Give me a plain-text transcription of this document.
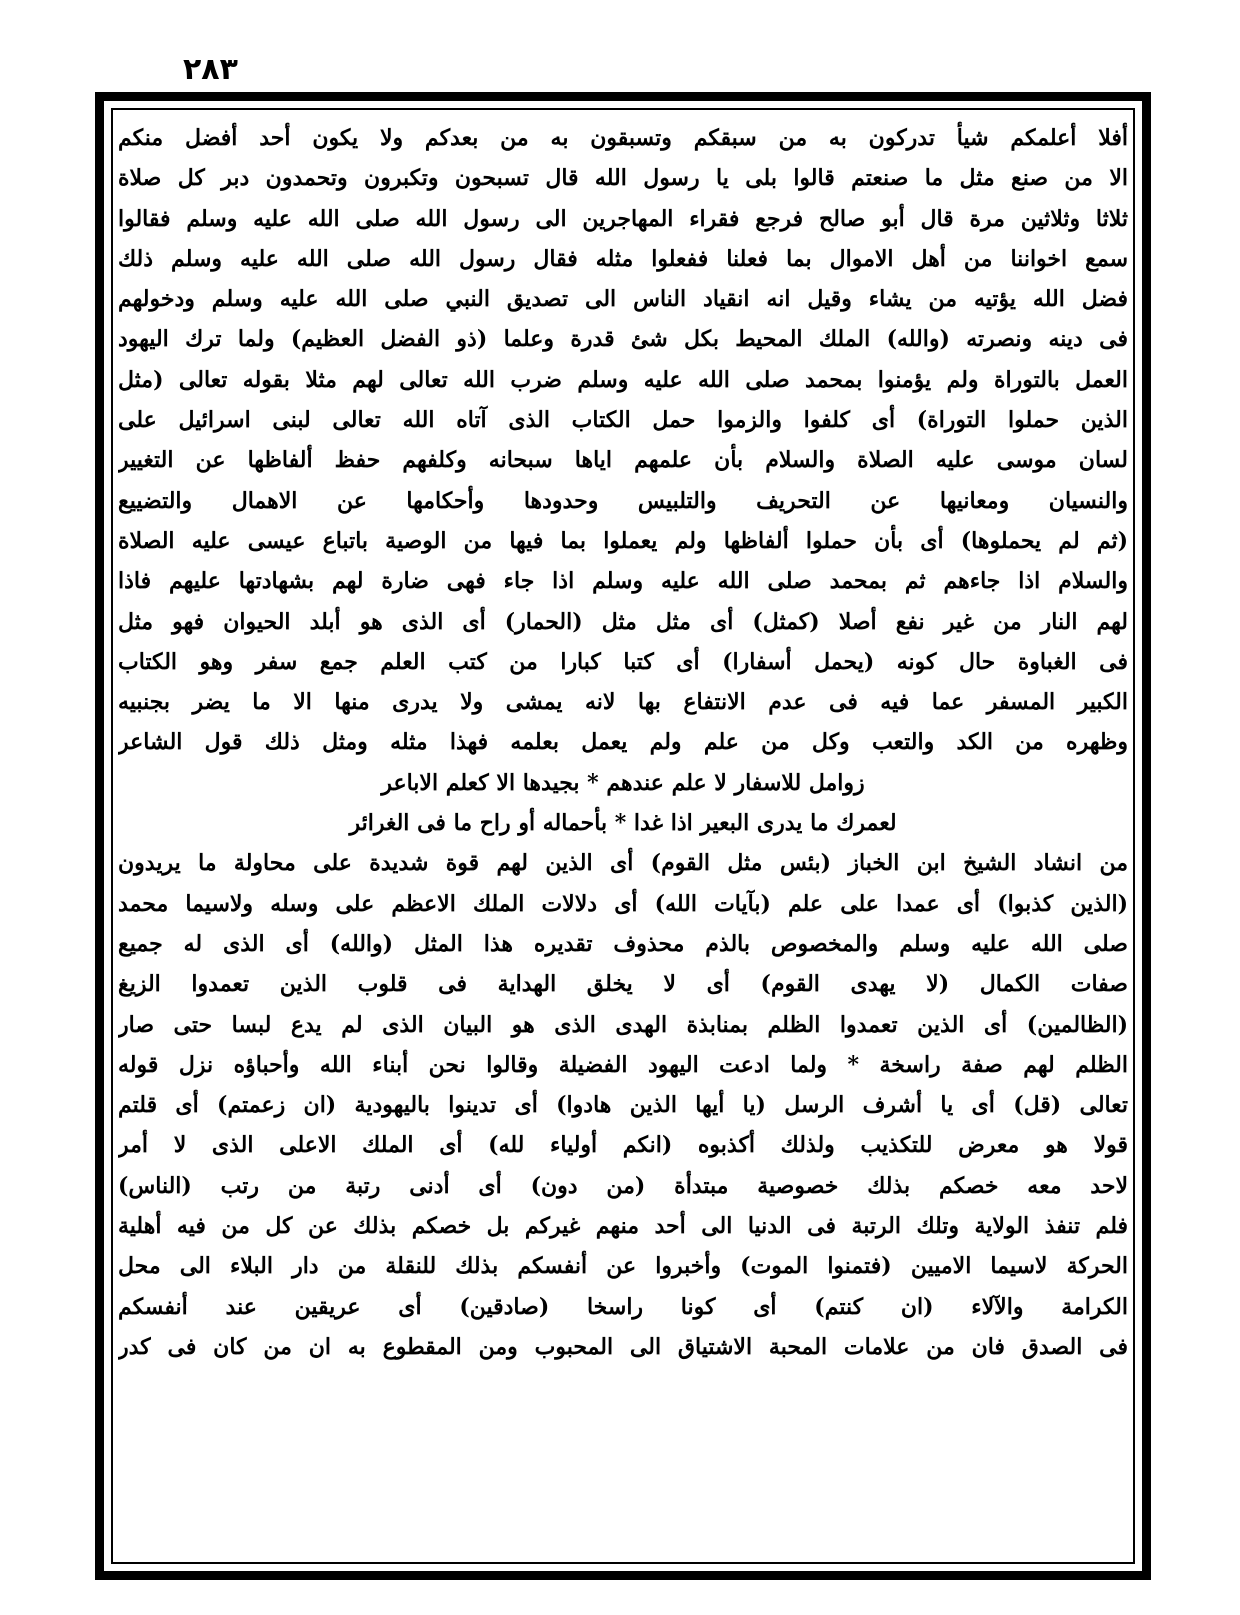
٢٨٣
أفلا أعلمكم شيأ تدركون به من سبقكم وتسبقون به من بعدكم ولا يكون أحد أفضل منكم
الا من صنع مثل ما صنعتم قالوا بلى يا رسول الله قال تسبحون وتكبرون وتحمدون دبر كل صلاة
ثلاثا وثلاثين مرة قال أبو صالح فرجع فقراء المهاجرين الى رسول الله صلى الله عليه وسلم فقالوا
سمع اخواننا من أهل الاموال بما فعلنا ففعلوا مثله فقال رسول الله صلى الله عليه وسلم ذلك
فضل الله يؤتيه من يشاء وقيل انه انقياد الناس الى تصديق النبي صلى الله عليه وسلم ودخولهم
فى دينه ونصرته (والله) الملك المحيط بكل شئ قدرة وعلما (ذو الفضل العظيم) ولما ترك اليهود
العمل بالتوراة ولم يؤمنوا بمحمد صلى الله عليه وسلم ضرب الله تعالى لهم مثلا بقوله تعالى (مثل
الذين حملوا التوراة) أى كلفوا والزموا حمل الكتاب الذى آتاه الله تعالى لبنى اسرائيل على
لسان موسى عليه الصلاة والسلام بأن علمهم اياها سبحانه وكلفهم حفظ ألفاظها عن التغيير
والنسيان ومعانيها عن التحريف والتلبيس وحدودها وأحكامها عن الاهمال والتضييع
(ثم لم يحملوها) أى بأن حملوا ألفاظها ولم يعملوا بما فيها من الوصية باتباع عيسى عليه الصلاة
والسلام اذا جاءهم ثم بمحمد صلى الله عليه وسلم اذا جاء فهى ضارة لهم بشهادتها عليهم فاذا
لهم النار من غير نفع أصلا (كمثل) أى مثل مثل (الحمار) أى الذى هو أبلد الحيوان فهو مثل
فى الغباوة حال كونه (يحمل أسفارا) أى كتبا كبارا من كتب العلم جمع سفر وهو الكتاب
الكبير المسفر عما فيه فى عدم الانتفاع بها لانه يمشى ولا يدرى منها الا ما يضر بجنبيه
وظهره من الكد والتعب وكل من علم ولم يعمل بعلمه فهذا مثله ومثل ذلك قول الشاعر
زوامل للاسفار لا علم عندهم * بجيدها الا كعلم الاباعر
لعمرك ما يدرى البعير اذا غدا * بأحماله أو راح ما فى الغرائر
من انشاد الشيخ ابن الخباز (بئس مثل القوم) أى الذين لهم قوة شديدة على محاولة ما يريدون
(الذين كذبوا) أى عمدا على علم (بآيات الله) أى دلالات الملك الاعظم على وسله ولاسيما محمد
صلى الله عليه وسلم والمخصوص بالذم محذوف تقديره هذا المثل (والله) أى الذى له جميع
صفات الكمال (لا يهدى القوم) أى لا يخلق الهداية فى قلوب الذين تعمدوا الزيغ
(الظالمين) أى الذين تعمدوا الظلم بمنابذة الهدى الذى هو البيان الذى لم يدع لبسا حتى صار
الظلم لهم صفة راسخة * ولما ادعت اليهود الفضيلة وقالوا نحن أبناء الله وأحباؤه نزل قوله
تعالى (قل) أى يا أشرف الرسل (يا أيها الذين هادوا) أى تدينوا باليهودية (ان زعمتم) أى قلتم
قولا هو معرض للتكذيب ولذلك أكذبوه (انكم أولياء لله) أى الملك الاعلى الذى لا أمر
لاحد معه خصكم بذلك خصوصية مبتدأة (من دون) أى أدنى رتبة من رتب (الناس)
فلم تنفذ الولاية وتلك الرتبة فى الدنيا الى أحد منهم غيركم بل خصكم بذلك عن كل من فيه أهلية
الحركة لاسيما الاميين (فتمنوا الموت) وأخبروا عن أنفسكم بذلك للنقلة من دار البلاء الى محل
الكرامة والآلاء (ان كنتم) أى كونا راسخا (صادقين) أى عريقين عند أنفسكم
فى الصدق فان من علامات المحبة الاشتياق الى المحبوب ومن المقطوع به ان من كان فى كدر
